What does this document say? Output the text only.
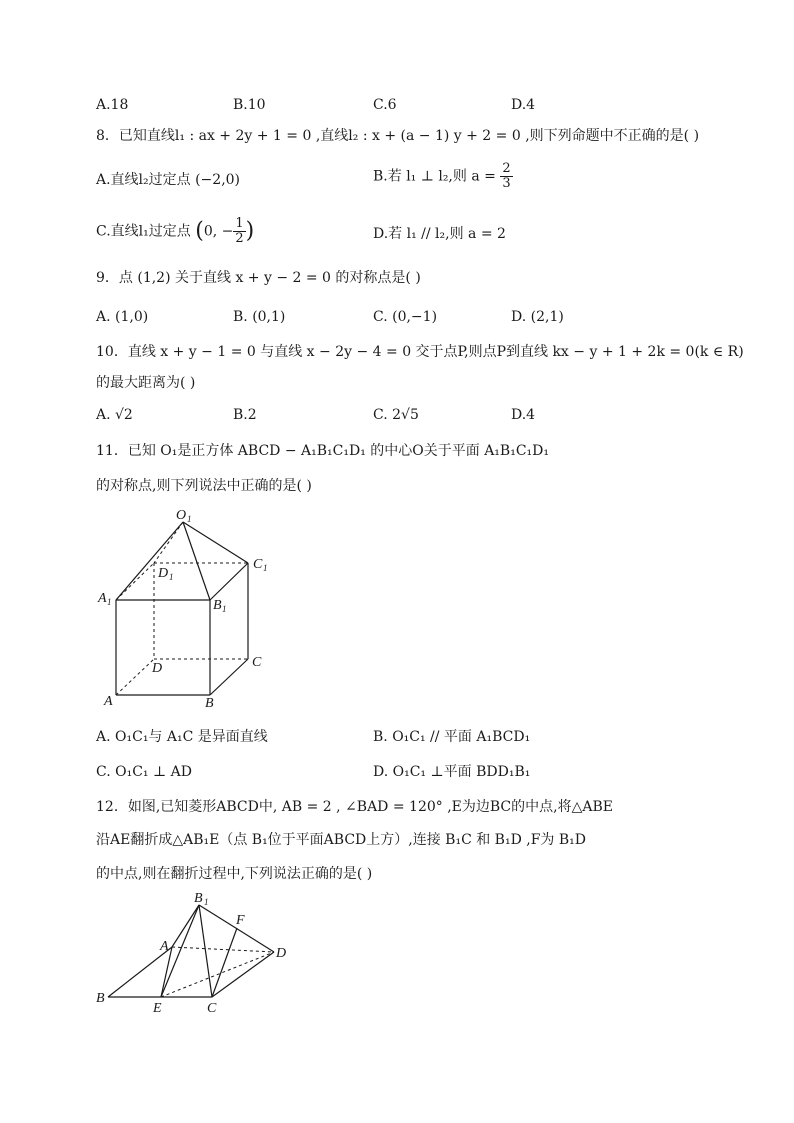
A.18	B.10	C.6	D.4
8．已知直线l₁ : ax + 2y + 1 = 0 ,直线l₂ : x + (a − 1) y + 2 = 0 ,则下列命题中不正确的是( )
A.直线l₂过定点 (−2,0)	B.若 l₁ ⊥ l₂,则 $a = \frac{2}{3}$
C.直线l₁过定点 (0, − $\frac{1}{2}$ )	D.若 l₁ // l₂,则 a = 2
9．点 (1,2) 关于直线 x + y − 2 = 0 的对称点是( )
A. (1,0)	B. (0,1)	C. (0,−1)	D. (2,1)
10．直线 x + y − 1 = 0 与直线 x − 2y − 4 = 0 交于点P,则点P到直线 kx − y + 1 + 2k = 0(k ∈ R)
的最大距离为( )
A. √2	B.2	C. 2√5	D.4
11．已知 O₁是正方体 ABCD − A₁B₁C₁D₁ 的中心O关于平面 A₁B₁C₁D₁
的对称点,则下列说法中正确的是( )
O 1
C 1
D 1
A 1	B 1
D	C
A	B
A. O₁C₁与 A₁C 是异面直线	B. O₁C₁ // 平面 A₁BCD₁
C. O₁C₁ ⊥ AD	D. O₁C₁ ⊥平面 BDD₁B₁
12．如图,已知菱形ABCD中, AB = 2 , ∠BAD = 120° ,E为边BC的中点,将△ABE
沿AE翻折成△AB₁E（点 B₁位于平面ABCD上方）,连接 B₁C 和 B₁D ,F为 B₁D
的中点,则在翻折过程中,下列说法正确的是( )
B 1
F
A	D
B
E	C
